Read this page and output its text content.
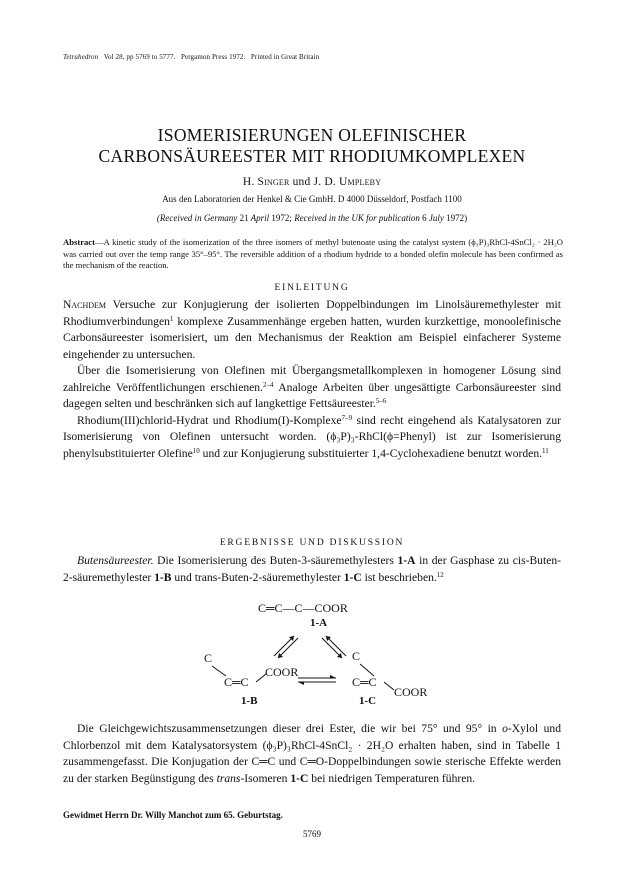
Tetrahedron Vol 28, pp 5769 to 5777. Pergamon Press 1972. Printed in Great Britain
ISOMERISIERUNGEN OLEFINISCHER
CARBONSÄUREESTER MIT RHODIUMKOMPLEXEN
H. Singer und J. D. Umpleby
Aus den Laboratorien der Henkel & Cie GmbH. D 4000 Düsseldorf, Postfach 1100
(Received in Germany 21 April 1972; Received in the UK for publication 6 July 1972)
Abstract—A kinetic study of the isomerization of the three isomers of methyl butenoate using the catalyst system (ϕ₃P)₃RhCl-4SnCl₂ · 2H₂O was carried out over the temp range 35°–95°. The reversible addition of a rhodium hydride to a bonded olefin molecule has been confirmed as the mechanism of the reaction.
EINLEITUNG

Nachdem Versuche zur Konjugierung der isolierten Doppelbindungen im Linolsäuremethylester mit Rhodiumverbindungen$^1$ komplexe Zusammenhänge ergeben hatten, wurden kurzkettige, monoolefinische Carbonsäureester isomerisiert, um den Mechanismus der Reaktion am Beispiel einfacherer Systeme eingehender zu untersuchen.

Über die Isomerisierung von Olefinen mit Übergangsmetallkomplexen in homogener Lösung sind zahlreiche Veröffentlichungen erschienen.$^{2-4}$ Analoge Arbeiten über ungesättigte Carbonsäureester sind dagegen selten und beschränken sich auf langkettige Fettsäureester.$^{5-6}$

Rhodium(III)chlorid-Hydrat und Rhodium(I)-Komplexe$^{7-9}$ sind recht eingehend als Katalysatoren zur Isomerisierung von Olefinen untersucht worden. (ϕ₃P)₃-RhCl(ϕ=Phenyl) ist zur Isomerisierung phenylsubstituierter Olefine$^{10}$ und zur Konjugierung substituierter 1,4-Cyclohexadiene benutzt worden.$^{11}$

ERGEBNISSE UND DISKUSSION

Butensäureester. Die Isomerisierung des Buten-3-säuremethylesters 1-A in der Gasphase zu cis-Buten-2-säuremethylester 1-B und trans-Buten-2-säuremethylester 1-C ist beschrieben.$^{12}$

C═C—C—COOR
1-A
C
C═C
COOR
1-B
C
C═C
COOR
1-C

Die Gleichgewichtszusammensetzungen dieser drei Ester, die wir bei 75° und 95° in o-Xylol und Chlorbenzol mit dem Katalysatorsystem (ϕ₃P)₃RhCl-4SnCl₂ · 2H₂O erhalten haben, sind in Tabelle 1 zusammengefasst. Die Konjugation der C═C und C═O-Doppelbindungen sowie sterische Effekte werden zu der starken Begünstigung des trans-Isomeren 1-C bei niedrigen Temperaturen führen.

Gewidmet Herrn Dr. Willy Manchot zum 65. Geburtstag.
5769
